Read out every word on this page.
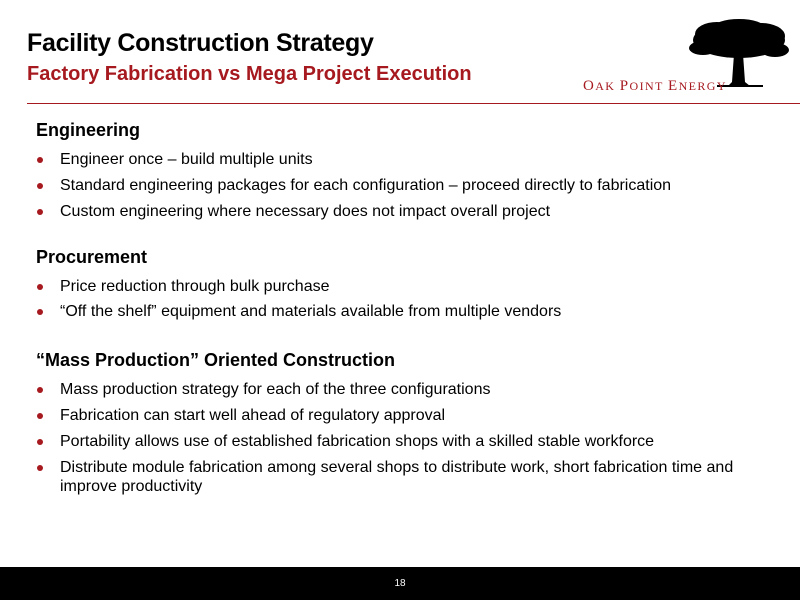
Facility Construction Strategy
Factory Fabrication vs Mega Project Execution
OAK POINT ENERGY
Engineering
Engineer once – build multiple units
Standard engineering packages for each configuration – proceed directly to fabrication
Custom engineering where necessary does not impact overall project
Procurement
Price reduction through bulk purchase
“Off the shelf” equipment and materials available from multiple vendors
“Mass Production” Oriented Construction
Mass production strategy for each of the three configurations
Fabrication can start well ahead of regulatory approval
Portability allows use of established fabrication shops with a skilled stable workforce
Distribute module fabrication among several shops to distribute work, short fabrication time and improve productivity
18
